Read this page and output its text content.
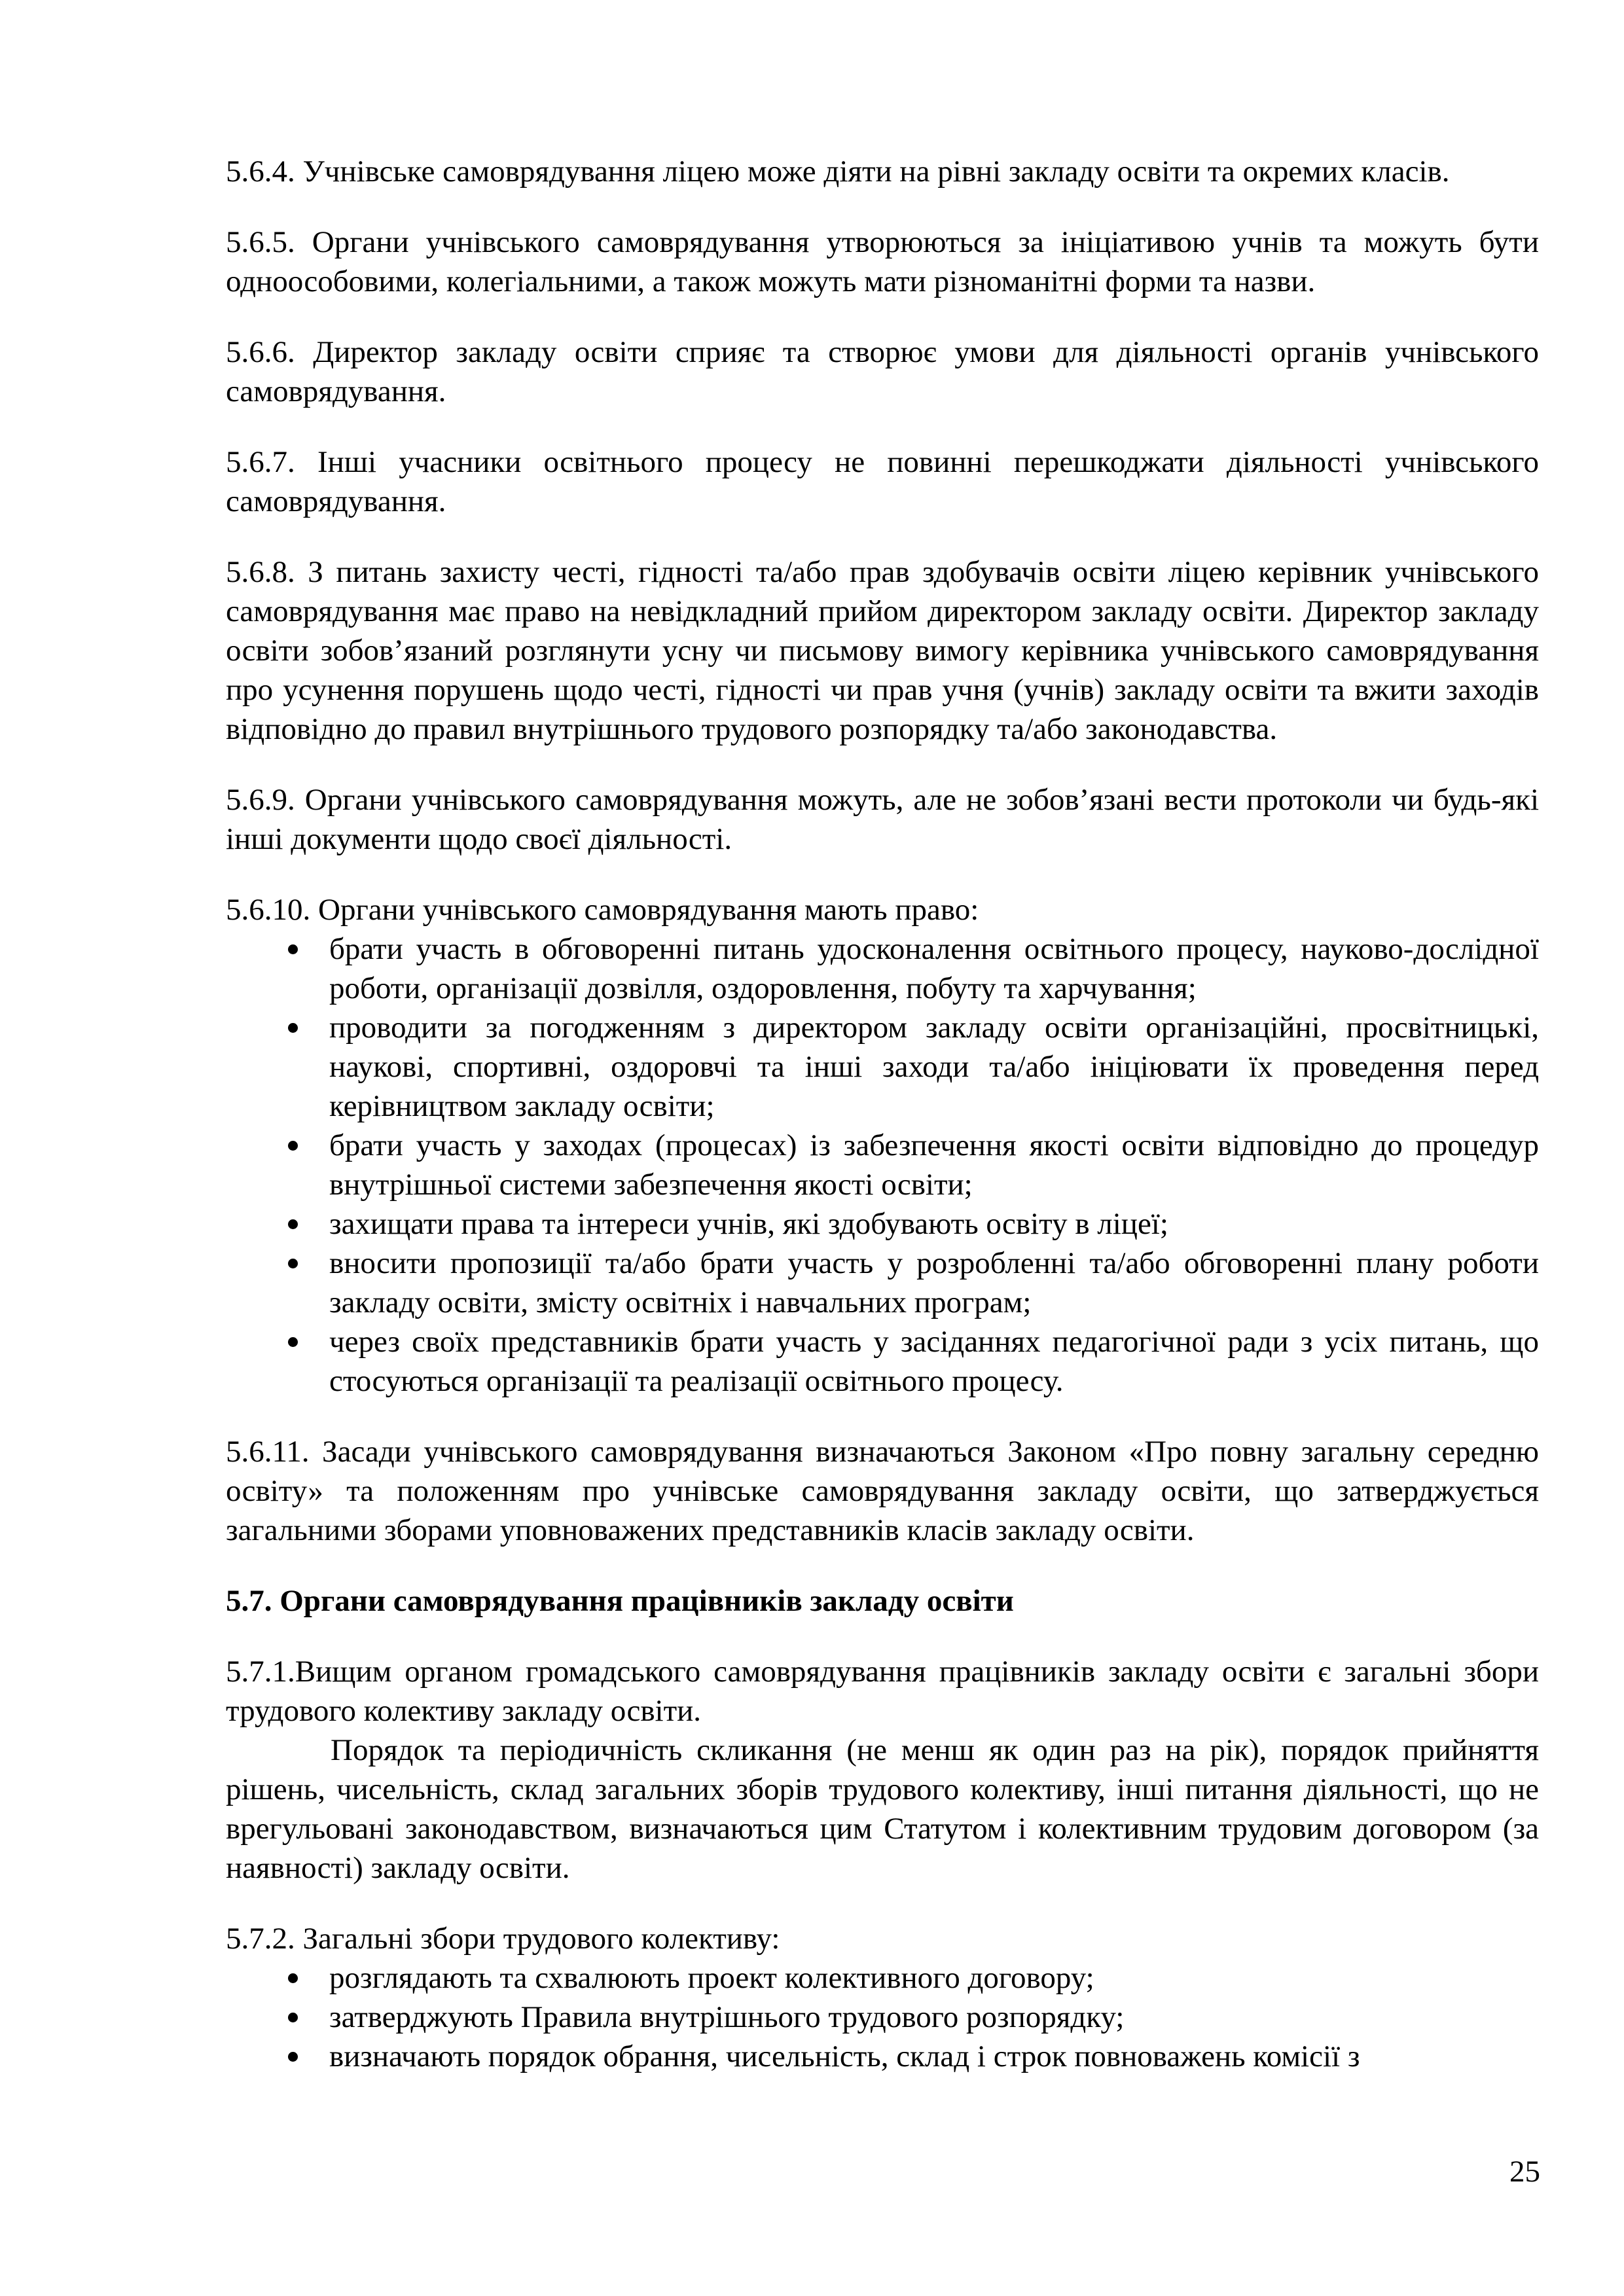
5.6.4. Учнівське самоврядування ліцею може діяти на рівні закладу освіти та окремих класів.

5.6.5. Органи учнівського самоврядування утворюються за ініціативою учнів та можуть бути одноособовими, колегіальними, а також можуть мати різноманітні форми та назви.

5.6.6. Директор закладу освіти сприяє та створює умови для діяльності органів учнівського самоврядування.

5.6.7. Інші учасники освітнього процесу не повинні перешкоджати діяльності учнівського самоврядування.

5.6.8. З питань захисту честі, гідності та/або прав здобувачів освіти ліцею керівник учнівського самоврядування має право на невідкладний прийом директором закладу освіти. Директор закладу освіти зобов’язаний розглянути усну чи письмову вимогу керівника учнівського самоврядування про усунення порушень щодо честі, гідності чи прав учня (учнів) закладу освіти та вжити заходів відповідно до правил внутрішнього трудового розпорядку та/або законодавства.

5.6.9. Органи учнівського самоврядування можуть, але не зобов’язані вести протоколи чи будь-які інші документи щодо своєї діяльності.

5.6.10. Органи учнівського самоврядування мають право:

брати участь в обговоренні питань удосконалення освітнього процесу, науково-дослідної роботи, організації дозвілля, оздоровлення, побуту та харчування;
проводити за погодженням з директором закладу освіти організаційні, просвітницькі, наукові, спортивні, оздоровчі та інші заходи та/або ініціювати їх проведення перед керівництвом закладу освіти;
брати участь у заходах (процесах) із забезпечення якості освіти відповідно до процедур внутрішньої системи забезпечення якості освіти;
захищати права та інтереси учнів, які здобувають освіту в ліцеї;
вносити пропозиції та/або брати участь у розробленні та/або обговоренні плану роботи закладу освіти, змісту освітніх і навчальних програм;
через своїх представників брати участь у засіданнях педагогічної ради з усіх питань, що стосуються організації та реалізації освітнього процесу.

5.6.11. Засади учнівського самоврядування визначаються Законом «Про повну загальну середню освіту» та положенням про учнівське самоврядування закладу освіти, що затверджується загальними зборами уповноважених представників класів закладу освіти.

5.7. Органи самоврядування працівників закладу освіти

5.7.1.Вищим органом громадського самоврядування працівників закладу освіти є загальні збори трудового колективу закладу освіти.

Порядок та періодичність скликання (не менш як один раз на рік), порядок прийняття рішень, чисельність, склад загальних зборів трудового колективу, інші питання діяльності, що не врегульовані законодавством, визначаються цим Статутом і колективним трудовим договором (за наявності) закладу освіти.

5.7.2. Загальні збори трудового колективу:

розглядають та схвалюють проект колективного договору;
затверджують Правила внутрішнього трудового розпорядку;
визначають порядок обрання, чисельність, склад і строк повноважень комісії з
25
